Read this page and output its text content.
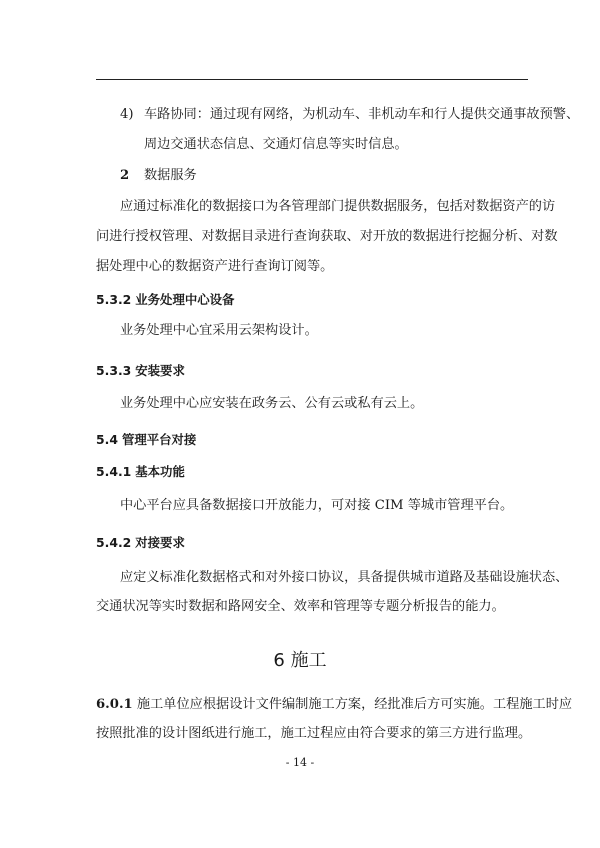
4) 车路协同：通过现有网络，为机动车、非机动车和行人提供交通事故预警、
周边交通状态信息、交通灯信息等实时信息。
2 数据服务
应通过标准化的数据接口为各管理部门提供数据服务，包括对数据资产的访
问进行授权管理、对数据目录进行查询获取、对开放的数据进行挖掘分析、对数
据处理中心的数据资产进行查询订阅等。
5.3.2 业务处理中心设备
业务处理中心宜采用云架构设计。
5.3.3 安装要求
业务处理中心应安装在政务云、公有云或私有云上。
5.4 管理平台对接
5.4.1 基本功能
中心平台应具备数据接口开放能力，可对接 CIM 等城市管理平台。
5.4.2 对接要求
应定义标准化数据格式和对外接口协议，具备提供城市道路及基础设施状态、
交通状况等实时数据和路网安全、效率和管理等专题分析报告的能力。
6 施工
6.0.1 施工单位应根据设计文件编制施工方案，经批准后方可实施。工程施工时应
按照批准的设计图纸进行施工，施工过程应由符合要求的第三方进行监理。
- 14 -
